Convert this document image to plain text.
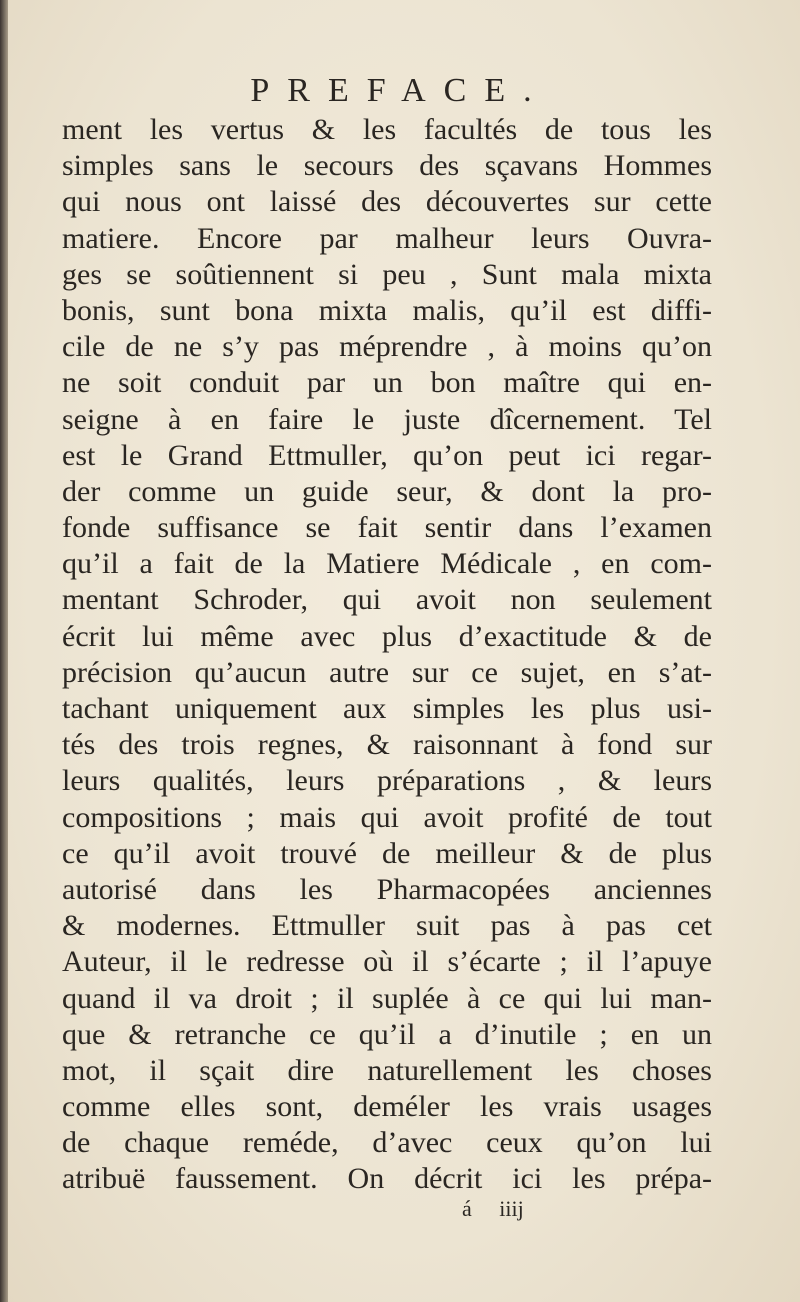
PREFACE.
ment les vertus & les facultés de tous les
simples sans le secours des sçavans Hommes
qui nous ont laissé des découvertes sur cette
matiere. Encore par malheur leurs Ouvra-
ges se soûtiennent si peu , Sunt mala mixta
bonis, sunt bona mixta malis, qu’il est diffi-
cile de ne s’y pas méprendre , à moins qu’on
ne soit conduit par un bon maître qui en-
seigne à en faire le juste dîcernement. Tel
est le Grand Ettmuller, qu’on peut ici regar-
der comme un guide seur, & dont la pro-
fonde suffisance se fait sentir dans l’examen
qu’il a fait de la Matiere Médicale , en com-
mentant Schroder, qui avoit non seulement
écrit lui même avec plus d’exactitude & de
précision qu’aucun autre sur ce sujet, en s’at-
tachant uniquement aux simples les plus usi-
tés des trois regnes, & raisonnant à fond sur
leurs qualités, leurs préparations , & leurs
compositions ; mais qui avoit profité de tout
ce qu’il avoit trouvé de meilleur & de plus
autorisé dans les Pharmacopées anciennes
& modernes. Ettmuller suit pas à pas cet
Auteur, il le redresse où il s’écarte ; il l’apuye
quand il va droit ; il suplée à ce qui lui man-
que & retranche ce qu’il a d’inutile ; en un
mot, il sçait dire naturellement les choses
comme elles sont, deméler les vrais usages
de chaque reméde, d’avec ceux qu’on lui
atribuë faussement. On décrit ici les prépa-
á iiij
